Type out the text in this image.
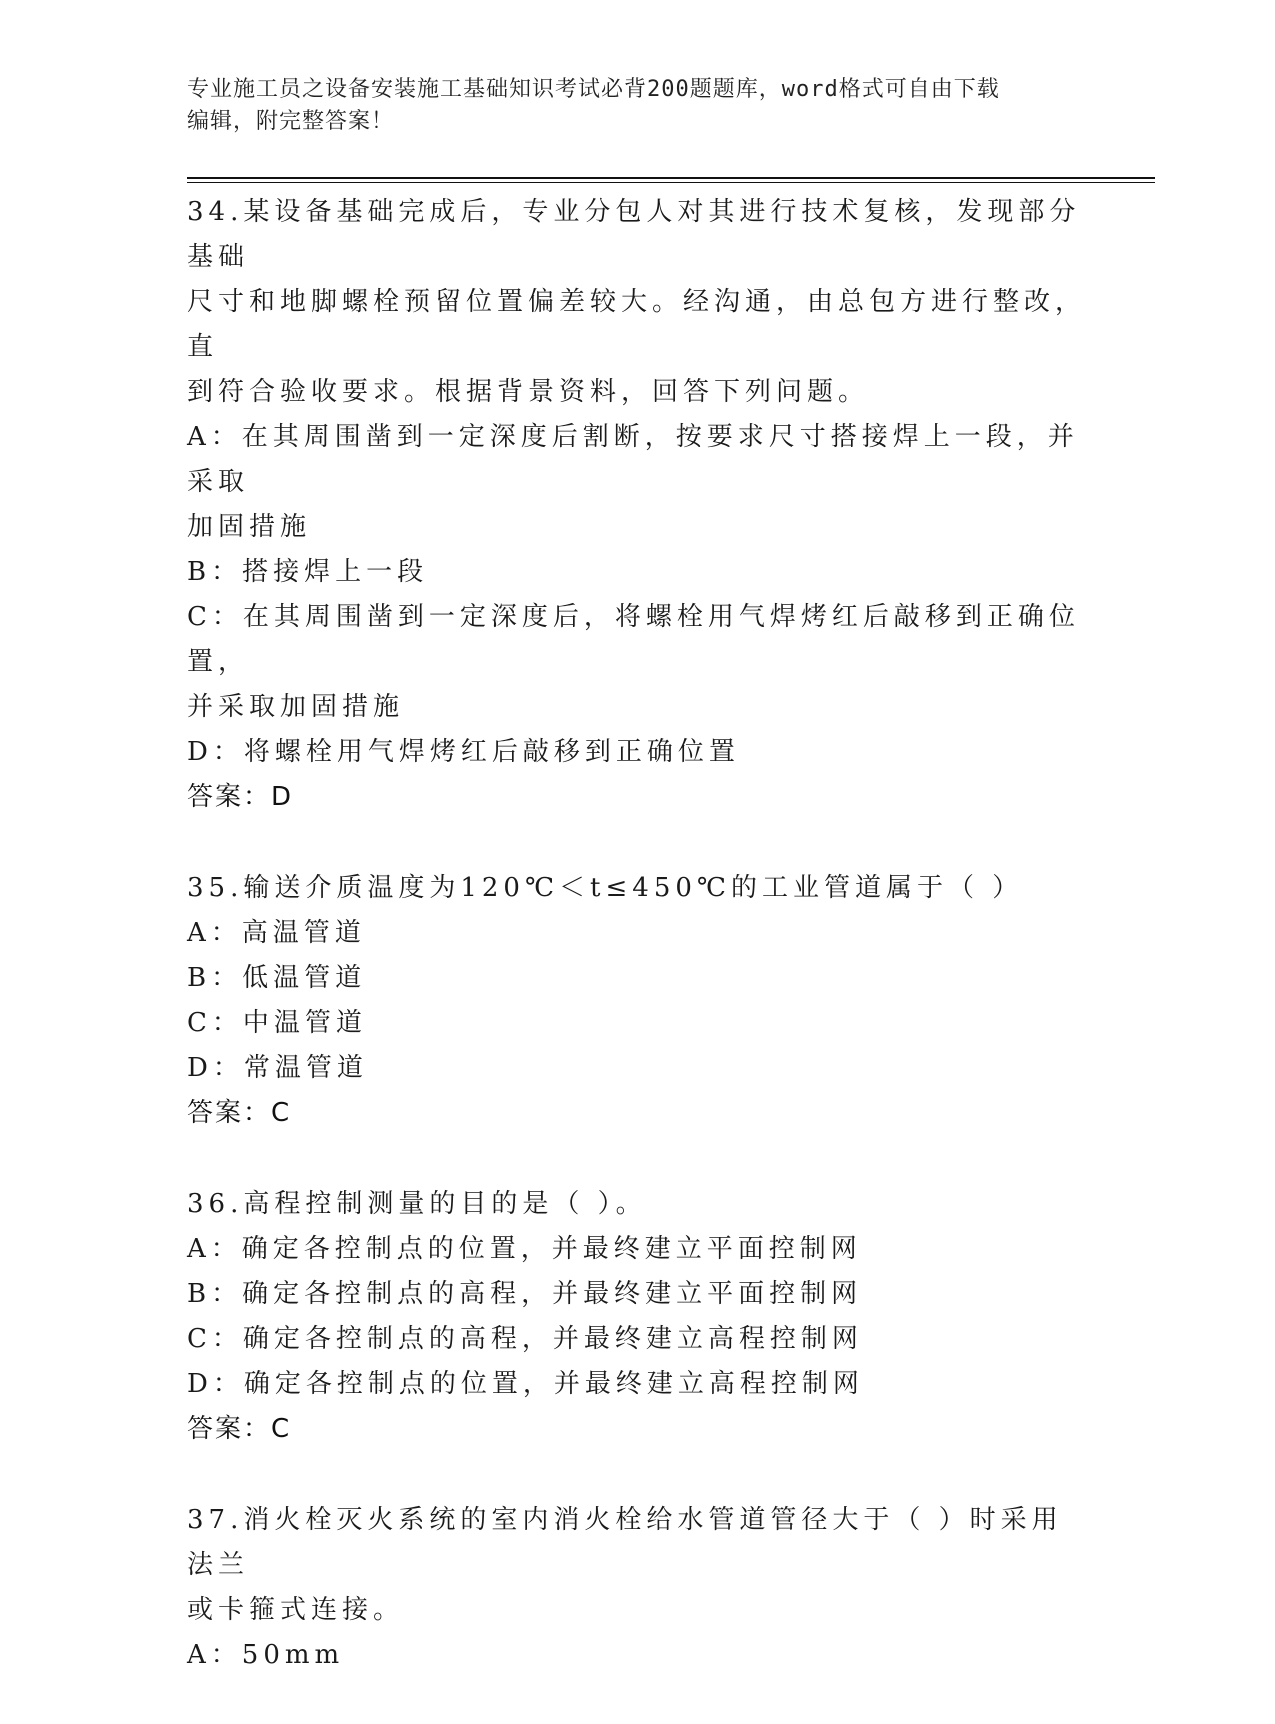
专业施工员之设备安装施工基础知识考试必背200题题库，word格式可自由下载
编辑，附完整答案！
34.某设备基础完成后，专业分包人对其进行技术复核，发现部分基础
尺寸和地脚螺栓预留位置偏差较大。经沟通，由总包方进行整改，直
到符合验收要求。根据背景资料，回答下列问题。
A：在其周围凿到一定深度后割断，按要求尺寸搭接焊上一段，并采取
加固措施
B：搭接焊上一段
C：在其周围凿到一定深度后，将螺栓用气焊烤红后敲移到正确位置，
并采取加固措施
D：将螺栓用气焊烤红后敲移到正确位置
答案：D
35.输送介质温度为120℃＜t≤450℃的工业管道属于（ ）
A：高温管道
B：低温管道
C：中温管道
D：常温管道
答案：C
36.高程控制测量的目的是（ ）。
A：确定各控制点的位置，并最终建立平面控制网
B：确定各控制点的高程，并最终建立平面控制网
C：确定各控制点的高程，并最终建立高程控制网
D：确定各控制点的位置，并最终建立高程控制网
答案：C
37.消火栓灭火系统的室内消火栓给水管道管径大于（ ）时采用法兰
或卡箍式连接。
A：50mm
